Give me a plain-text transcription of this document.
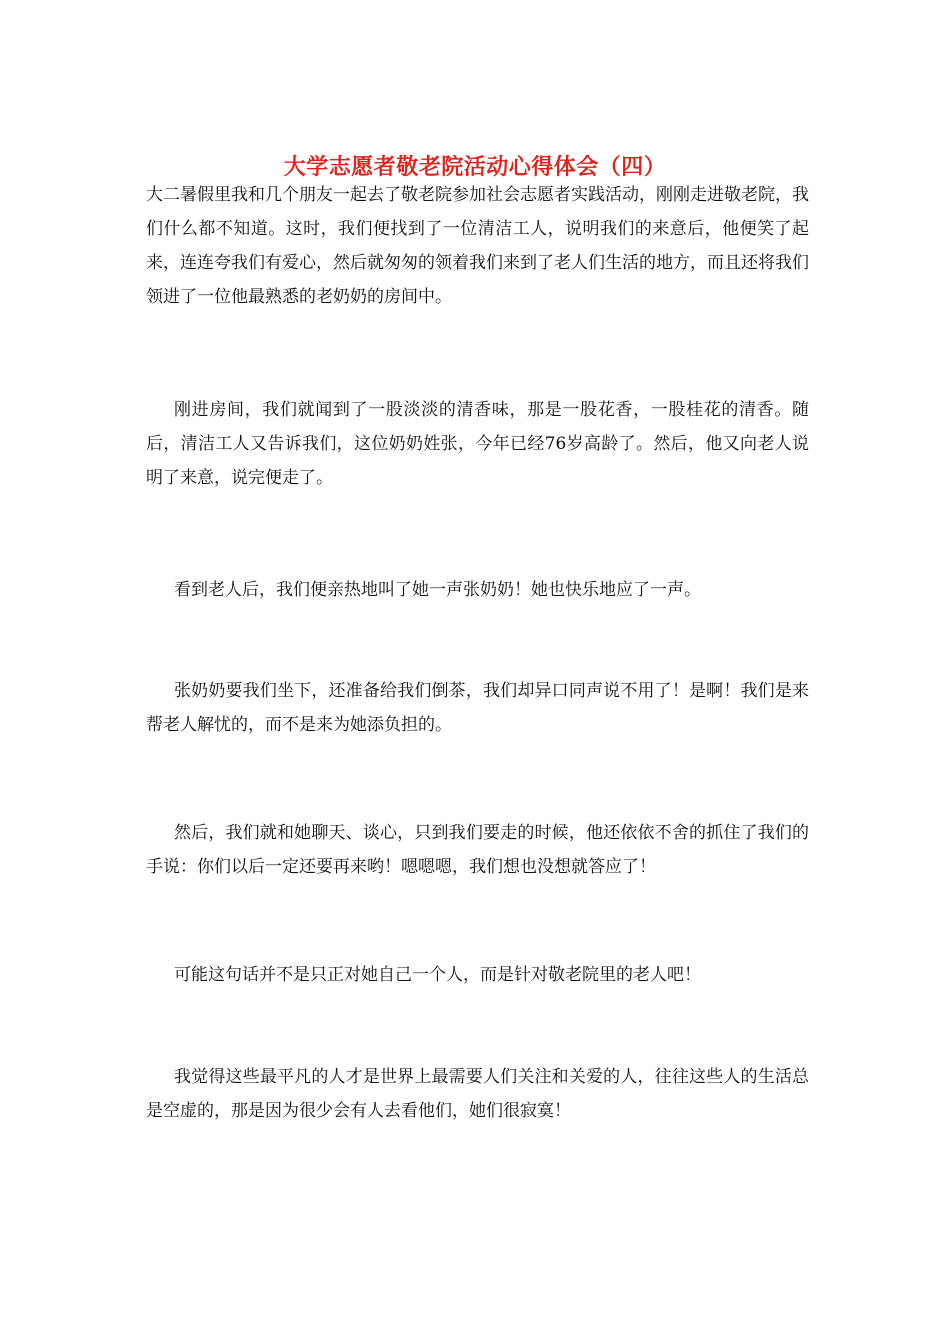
大学志愿者敬老院活动心得体会（四）

大二暑假里我和几个朋友一起去了敬老院参加社会志愿者实践活动，刚刚走进敬老院，我们什么都不知道。这时，我们便找到了一位清洁工人，说明我们的来意后，他便笑了起来，连连夸我们有爱心，然后就匆匆的领着我们来到了老人们生活的地方，而且还将我们领进了一位他最熟悉的老奶奶的房间中。

刚进房间，我们就闻到了一股淡淡的清香味，那是一股花香，一股桂花的清香。随后，清洁工人又告诉我们，这位奶奶姓张，今年已经76岁高龄了。然后，他又向老人说明了来意，说完便走了。

看到老人后，我们便亲热地叫了她一声张奶奶！她也快乐地应了一声。

张奶奶要我们坐下，还准备给我们倒茶，我们却异口同声说不用了！是啊！我们是来帮老人解忧的，而不是来为她添负担的。

然后，我们就和她聊天、谈心，只到我们要走的时候，他还依依不舍的抓住了我们的手说：你们以后一定还要再来哟！嗯嗯嗯，我们想也没想就答应了！

可能这句话并不是只正对她自己一个人，而是针对敬老院里的老人吧！

我觉得这些最平凡的人才是世界上最需要人们关注和关爱的人，往往这些人的生活总是空虚的，那是因为很少会有人去看他们，她们很寂寞！
